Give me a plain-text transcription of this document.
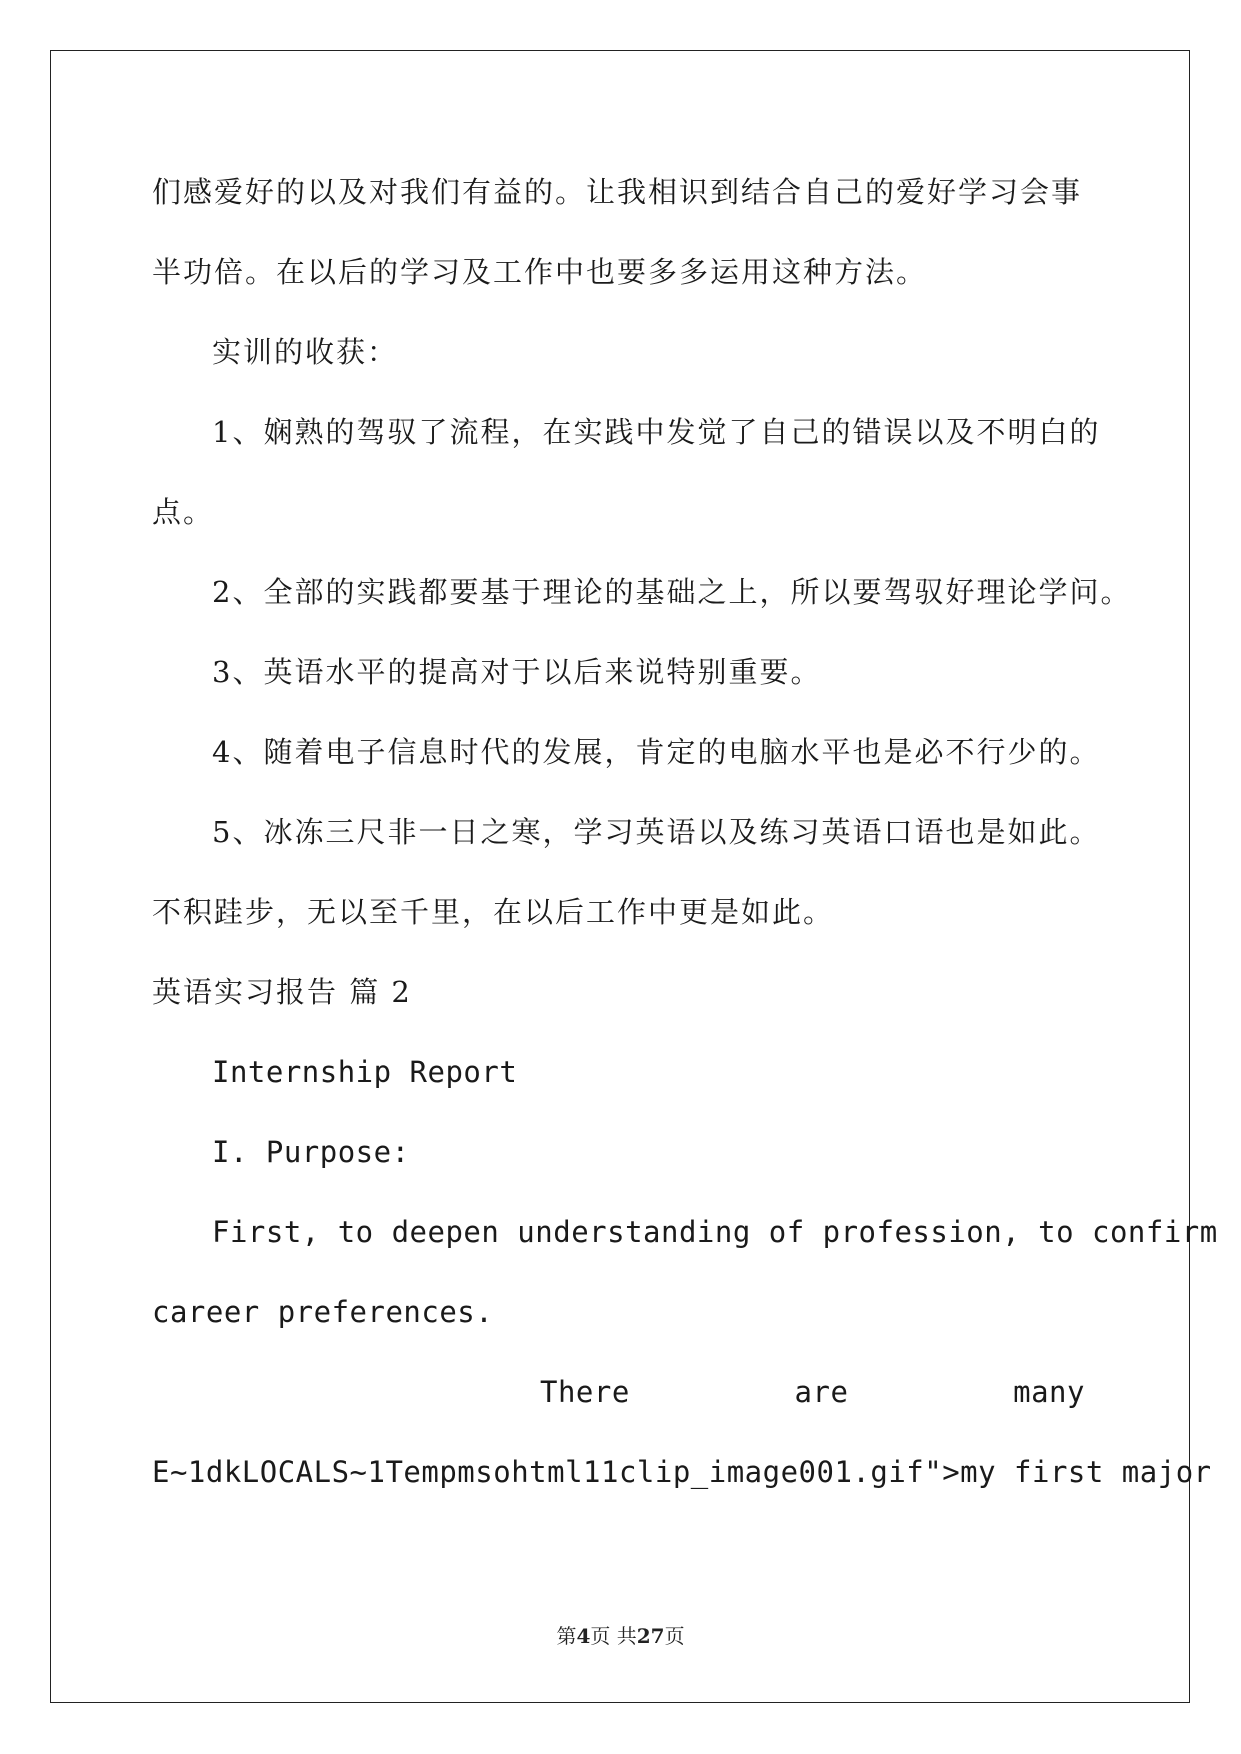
们感爱好的以及对我们有益的。让我相识到结合自己的爱好学习会事
半功倍。在以后的学习及工作中也要多多运用这种方法。
实训的收获：
1、娴熟的驾驭了流程，在实践中发觉了自己的错误以及不明白的
点。
2、全部的实践都要基于理论的基础之上，所以要驾驭好理论学问。
3、英语水平的提高对于以后来说特别重要。
4、随着电子信息时代的发展，肯定的电脑水平也是必不行少的。
5、冰冻三尺非一日之寒，学习英语以及练习英语口语也是如此。
不积跬步，无以至千里，在以后工作中更是如此。
英语实习报告 篇 2
Internship Report
I. Purpose:
First, to deepen understanding of profession, to confirm
career preferences.
There	are	many
E~1dkLOCALS~1Tempmsohtml11clip_image001.gif">my first major
第4页 共27页
